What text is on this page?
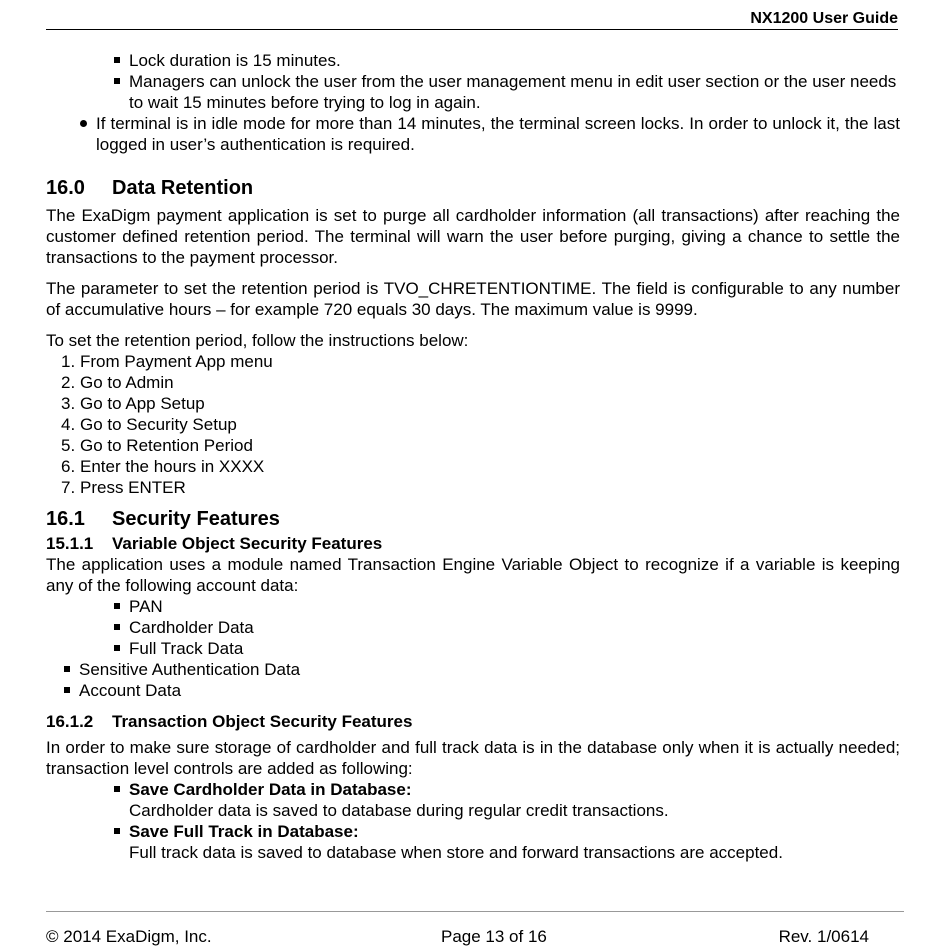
NX1200 User Guide
Lock duration is 15 minutes.
Managers can unlock the user from the user management menu in edit user section or the user needs to wait 15 minutes before trying to log in again.
If terminal is in idle mode for more than 14 minutes, the terminal screen locks. In order to unlock it, the last logged in user’s authentication is required.
16.0 Data Retention

The ExaDigm payment application is set to purge all cardholder information (all transactions) after reaching the customer defined retention period. The terminal will warn the user before purging, giving a chance to settle the transactions to the payment processor.

The parameter to set the retention period is TVO_CHRETENTIONTIME. The field is configurable to any number of accumulative hours – for example 720 equals 30 days. The maximum value is 9999.

To set the retention period, follow the instructions below:

1. From Payment App menu
2. Go to Admin
3. Go to App Setup
4. Go to Security Setup
5. Go to Retention Period
6. Enter the hours in XXXX
7. Press ENTER
16.1 Security Features
15.1.1 Variable Object Security Features

The application uses a module named Transaction Engine Variable Object to recognize if a variable is keeping any of the following account data:

PAN
Cardholder Data
Full Track Data
Sensitive Authentication Data
Account Data
16.1.2 Transaction Object Security Features

In order to make sure storage of cardholder and full track data is in the database only when it is actually needed; transaction level controls are added as following:

Save Cardholder Data in Database:
Cardholder data is saved to database during regular credit transactions.
Save Full Track in Database:
Full track data is saved to database when store and forward transactions are accepted.
© 2014 ExaDigm, Inc.	Page 13 of 16	Rev. 1/0614
